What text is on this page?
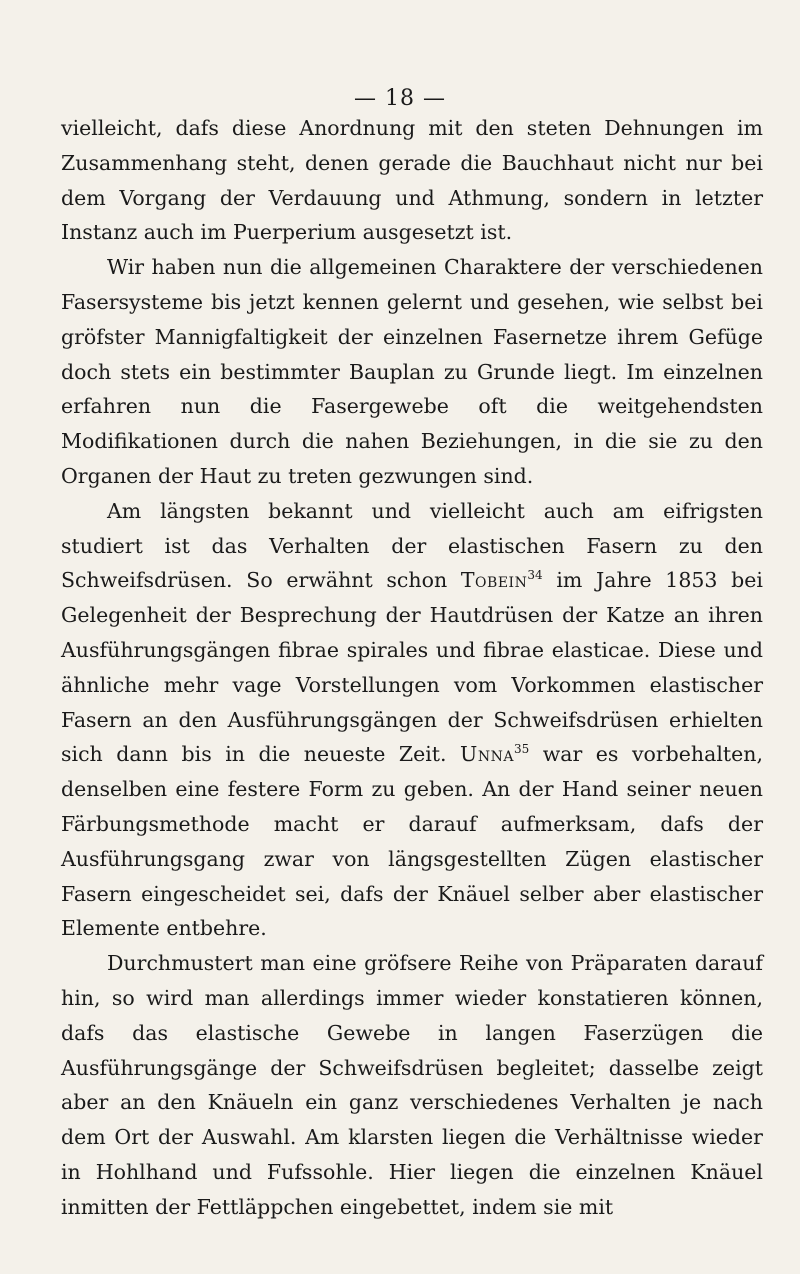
— 18 —

vielleicht, dafs diese Anordnung mit den steten Dehnungen im Zusammenhang steht, denen gerade die Bauchhaut nicht nur bei dem Vorgang der Verdauung und Athmung, sondern in letzter Instanz auch im Puerperium ausgesetzt ist.

Wir haben nun die allgemeinen Charaktere der verschiedenen Fasersysteme bis jetzt kennen gelernt und gesehen, wie selbst bei gröfster Mannigfaltigkeit der einzelnen Fasernetze ihrem Gefüge doch stets ein bestimmter Bauplan zu Grunde liegt. Im einzelnen erfahren nun die Fasergewebe oft die weitgehendsten Modifikationen durch die nahen Beziehungen, in die sie zu den Organen der Haut zu treten gezwungen sind.

Am längsten bekannt und vielleicht auch am eifrigsten studiert ist das Verhalten der elastischen Fasern zu den Schweifsdrüsen. So erwähnt schon Tobein$^{34}$ im Jahre 1853 bei Gelegenheit der Besprechung der Hautdrüsen der Katze an ihren Ausführungsgängen fibrae spirales und fibrae elasticae. Diese und ähnliche mehr vage Vorstellungen vom Vorkommen elastischer Fasern an den Ausführungsgängen der Schweifsdrüsen erhielten sich dann bis in die neueste Zeit. Unna$^{35}$ war es vorbehalten, denselben eine festere Form zu geben. An der Hand seiner neuen Färbungsmethode macht er darauf aufmerksam, dafs der Ausführungsgang zwar von längsgestellten Zügen elastischer Fasern eingescheidet sei, dafs der Knäuel selber aber elastischer Elemente entbehre.

Durchmustert man eine gröfsere Reihe von Präparaten darauf hin, so wird man allerdings immer wieder konstatieren können, dafs das elastische Gewebe in langen Faserzügen die Ausführungsgänge der Schweifsdrüsen begleitet; dasselbe zeigt aber an den Knäueln ein ganz verschiedenes Verhalten je nach dem Ort der Auswahl. Am klarsten liegen die Verhältnisse wieder in Hohlhand und Fufssohle. Hier liegen die einzelnen Knäuel inmitten der Fettläppchen eingebettet, indem sie mit
